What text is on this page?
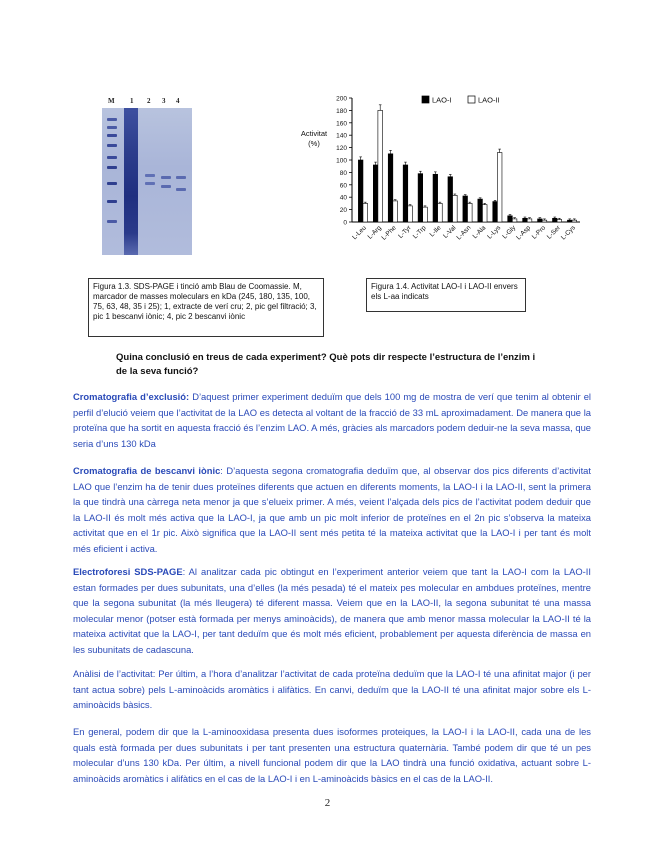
M 1 2 3 4
0
20
40
60
80
100
120
140
160
180
200
Activitat
(%)
L-Leu
L-Arg
L-Phe L-Tyr L-Trp L-Ile L-Val
L-Asn L-Ala
L-Lys L-Gly
L-Asp
L-Pro
L-Ser
L-Cys
LAO-I	LAO-II
Figura 1.3. SDS-PAGE i tinció amb Blau de Coomassie. M, marcador de masses moleculars en kDa (245, 180, 135, 100, 75, 63, 48, 35 i 25); 1, extracte de verí cru; 2, pic gel filtració; 3, pic 1 bescanvi iònic; 4, pic 2 bescanvi iònic
Figura 1.4. Activitat LAO-I i LAO-II envers els L-aa indicats
Quina conclusió en treus de cada experiment? Què pots dir respecte l’estructura de l’enzim i de la seva funció?
Cromatografia d’exclusió: D’aquest primer experiment deduïm que dels 100 mg de mostra de verí que tenim al obtenir el perfil d’elució veiem que l’activitat de la LAO es detecta al voltant de la fracció de 33 mL aproximadament. De manera que la proteïna que ha sortit en aquesta fracció és l’enzim LAO. A més, gràcies als marcadors podem deduir-ne la seva massa, que seria d’uns 130 kDa
Cromatografia de bescanvi iònic: D’aquesta segona cromatografia deduïm que, al observar dos pics diferents d’activitat LAO que l’enzim ha de tenir dues proteïnes diferents que actuen en diferents moments, la LAO-I i la LAO-II, sent la primera la que tindrà una càrrega neta menor ja que s’elueix primer. A més, veient l’alçada dels pics de l’activitat podem deduir que la LAO-II és molt més activa que la LAO-I, ja que amb un pic molt inferior de proteïnes en el 2n pic s’observa la mateixa activitat que en el 1r pic. Això significa que la LAO-II sent més petita té la mateixa activitat que la LAO-I i per tant és molt més eficient i activa.
Electroforesi SDS-PAGE: Al analitzar cada pic obtingut en l’experiment anterior veiem que tant la LAO-I com la LAO-II estan formades per dues subunitats, una d’elles (la més pesada) té el mateix pes molecular en ambdues proteïnes, mentre que la segona subunitat (la més lleugera) té diferent massa. Veiem que en la LAO-II, la segona subunitat té una massa molecular menor (potser està formada per menys aminoàcids), de manera que amb menor massa molecular la LAO-II té la mateixa activitat que la LAO-I, per tant deduïm que és molt més eficient, probablement per aquesta diferència de massa en les subunitats de cadascuna.
Anàlisi de l’activitat: Per últim, a l’hora d’analitzar l’activitat de cada proteïna deduïm que la LAO-I té una afinitat major (i per tant actua sobre) pels L-aminoàcids aromàtics i alifàtics. En canvi, deduïm que la LAO-II té una afinitat major sobre els L-aminoàcids bàsics.
En general, podem dir que la L-aminooxidasa presenta dues isoformes proteiques, la LAO-I i la LAO-II, cada una de les quals està formada per dues subunitats i per tant presenten una estructura quaternària. També podem dir que té un pes molecular d’uns 130 kDa. Per últim, a nivell funcional podem dir que la LAO tindrà una funció oxidativa, actuant sobre L-aminoàcids aromàtics i alifàtics en el cas de la LAO-I i en L-aminoàcids bàsics en el cas de la LAO-II.
2
